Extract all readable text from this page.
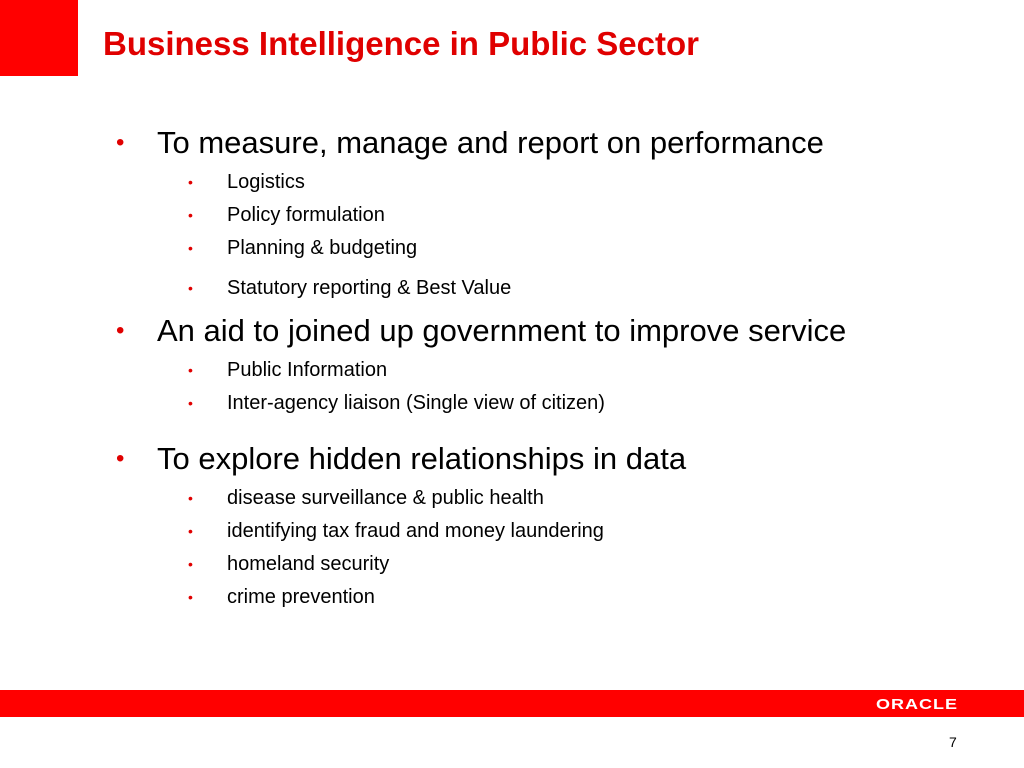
Business Intelligence in Public Sector
• To measure, manage and report on performance
• Logistics
• Policy formulation
• Planning & budgeting
• Statutory reporting & Best Value
• An aid to joined up government to improve service
• Public Information
• Inter-agency liaison (Single view of citizen)
• To explore hidden relationships in data
• disease surveillance & public health
• identifying tax fraud and money laundering
• homeland security
• crime prevention
ORACLE
7
